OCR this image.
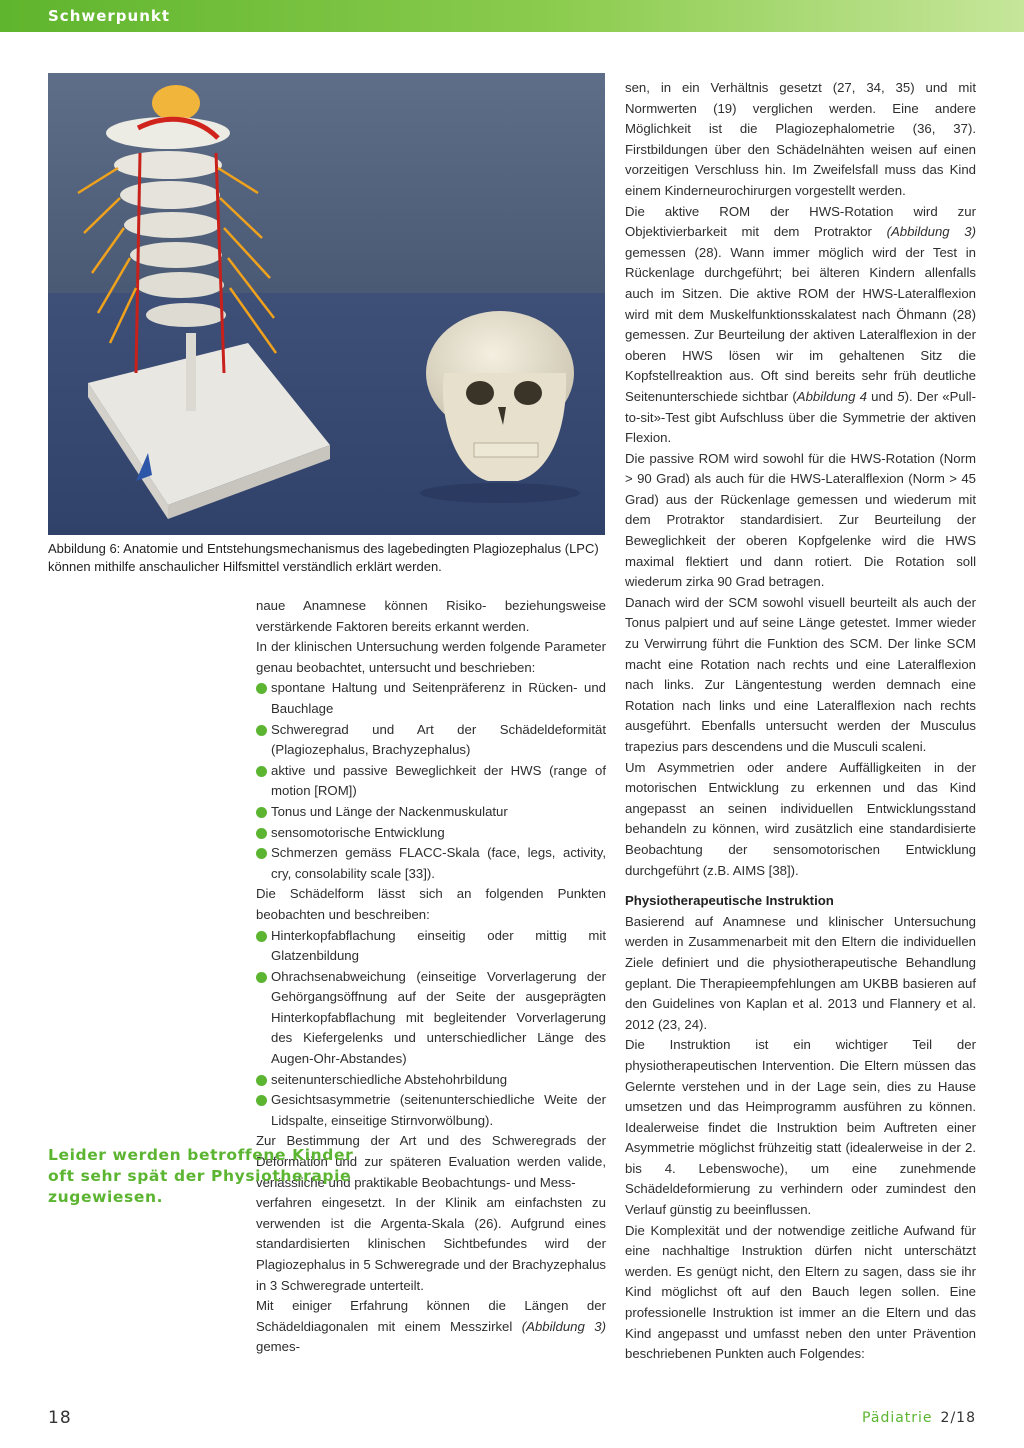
Schwerpunkt
Abbildung 6: Anatomie und Entstehungsmechanismus des lagebedingten Plagiozephalus (LPC) können mithilfe anschaulicher Hilfsmittel verständlich erklärt werden.

naue Anamnese können Risiko- beziehungsweise verstärkende Faktoren bereits erkannt werden.

In der klinischen Untersuchung werden folgende Parameter genau beobachtet, untersucht und beschrieben:

spontane Haltung und Seitenpräferenz in Rücken- und Bauchlage
Schweregrad und Art der Schädeldeformität (Plagiozephalus, Brachyzephalus)
aktive und passive Beweglichkeit der HWS (range of motion [ROM])
Tonus und Länge der Nackenmuskulatur
sensomotorische Entwicklung
Schmerzen gemäss FLACC-Skala (face, legs, activity, cry, consolability scale [33]).

Die Schädelform lässt sich an folgenden Punkten beobachten und beschreiben:

Hinterkopfabflachung einseitig oder mittig mit Glatzenbildung
Ohrachsenabweichung (einseitige Vorverlagerung der Gehörgangsöffnung auf der Seite der ausgeprägten Hinterkopfabflachung mit begleitender Vorverlagerung des Kiefergelenks und unterschiedlicher Länge des Augen-Ohr-Abstandes)
seitenunterschiedliche Abstehohrbildung
Gesichtsasymmetrie (seitenunterschiedliche Weite der Lidspalte, einseitige Stirnvorwölbung).

Zur Bestimmung der Art und des Schweregrads der Deformation und zur späteren Evaluation werden valide, verlässliche und praktikable Beobachtungs- und Mess-

verfahren eingesetzt. In der Klinik am einfachsten zu verwenden ist die Argenta-Skala (26). Aufgrund eines standardisierten klinischen Sichtbefundes wird der Plagiozephalus in 5 Schweregrade und der Brachyzephalus in 3 Schweregrade unterteilt.

Mit einiger Erfahrung können die Längen der Schädeldiagonalen mit einem Messzirkel (Abbildung 3) gemes-

Leider werden betroffene Kinder oft sehr spät der Physiotherapie zugewiesen.

sen, in ein Verhältnis gesetzt (27, 34, 35) und mit Normwerten (19) verglichen werden. Eine andere Möglichkeit ist die Plagiozephalometrie (36, 37). Firstbildungen über den Schädelnähten weisen auf einen vorzeitigen Verschluss hin. Im Zweifelsfall muss das Kind einem Kinderneurochirurgen vorgestellt werden.

Die aktive ROM der HWS-Rotation wird zur Objektivierbarkeit mit dem Protraktor (Abbildung 3) gemessen (28). Wann immer möglich wird der Test in Rückenlage durchgeführt; bei älteren Kindern allenfalls auch im Sitzen. Die aktive ROM der HWS-Lateralflexion wird mit dem Muskelfunktionsskalatest nach Öhmann (28) gemessen. Zur Beurteilung der aktiven Lateralflexion in der oberen HWS lösen wir im gehaltenen Sitz die Kopfstellreaktion aus. Oft sind bereits sehr früh deutliche Seitenunterschiede sichtbar (Abbildung 4 und 5). Der «Pull-to-sit»-Test gibt Aufschluss über die Symmetrie der aktiven Flexion.

Die passive ROM wird sowohl für die HWS-Rotation (Norm > 90 Grad) als auch für die HWS-Lateralflexion (Norm > 45 Grad) aus der Rückenlage gemessen und wiederum mit dem Protraktor standardisiert. Zur Beurteilung der Beweglichkeit der oberen Kopfgelenke wird die HWS maximal flektiert und dann rotiert. Die Rotation soll wiederum zirka 90 Grad betragen.

Danach wird der SCM sowohl visuell beurteilt als auch der Tonus palpiert und auf seine Länge getestet. Immer wieder zu Verwirrung führt die Funktion des SCM. Der linke SCM macht eine Rotation nach rechts und eine Lateralflexion nach links. Zur Längentestung werden demnach eine Rotation nach links und eine Lateralflexion nach rechts ausgeführt. Ebenfalls untersucht werden der Musculus trapezius pars descendens und die Musculi scaleni.

Um Asymmetrien oder andere Auffälligkeiten in der motorischen Entwicklung zu erkennen und das Kind angepasst an seinen individuellen Entwicklungsstand behandeln zu können, wird zusätzlich eine standardisierte Beobachtung der sensomotorischen Entwicklung durchgeführt (z.B. AIMS [38]).

Physiotherapeutische Instruktion

Basierend auf Anamnese und klinischer Untersuchung werden in Zusammenarbeit mit den Eltern die individuellen Ziele definiert und die physiotherapeutische Behandlung geplant. Die Therapieempfehlungen am UKBB basieren auf den Guidelines von Kaplan et al. 2013 und Flannery et al. 2012 (23, 24).

Die Instruktion ist ein wichtiger Teil der physiotherapeutischen Intervention. Die Eltern müssen das Gelernte verstehen und in der Lage sein, dies zu Hause umsetzen und das Heimprogramm ausführen zu können. Idealerweise findet die Instruktion beim Auftreten einer Asymmetrie möglichst frühzeitig statt (idealerweise in der 2. bis 4. Lebenswoche), um eine zunehmende Schädeldeformierung zu verhindern oder zumindest den Verlauf günstig zu beeinflussen.

Die Komplexität und der notwendige zeitliche Aufwand für eine nachhaltige Instruktion dürfen nicht unterschätzt werden. Es genügt nicht, den Eltern zu sagen, dass sie ihr Kind möglichst oft auf den Bauch legen sollen. Eine professionelle Instruktion ist immer an die Eltern und das Kind angepasst und umfasst neben den unter Prävention beschriebenen Punkten auch Folgendes:

18	Pädiatrie 2/18
